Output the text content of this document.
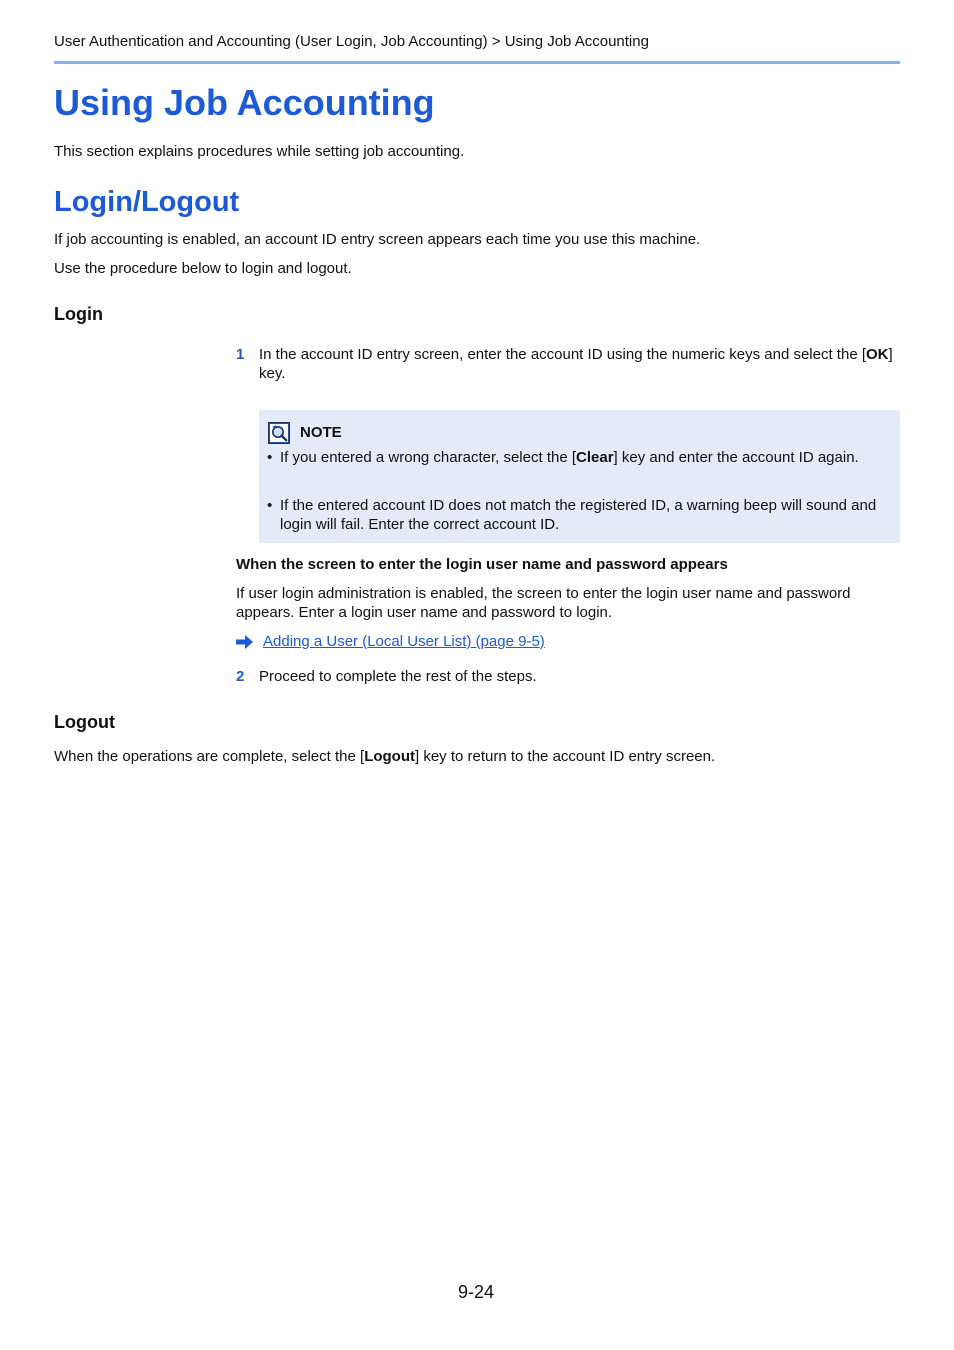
User Authentication and Accounting (User Login, Job Accounting) > Using Job Accounting
Using Job Accounting

This section explains procedures while setting job accounting.

Login/Logout

If job accounting is enabled, an account ID entry screen appears each time you use this machine.

Use the procedure below to login and logout.

Login
1 In the account ID entry screen, enter the account ID using the numeric keys and select the [OK] key.

NOTE
• If you entered a wrong character, select the [Clear] key and enter the account ID again.

• If the entered account ID does not match the registered ID, a warning beep will sound and login will fail. Enter the correct account ID.

When the screen to enter the login user name and password appears

If user login administration is enabled, the screen to enter the login user name and password appears. Enter a login user name and password to login.

Adding a User (Local User List) (page 9-5)
2 Proceed to complete the rest of the steps.

Logout

When the operations are complete, select the [Logout] key to return to the account ID entry screen.

9-24
